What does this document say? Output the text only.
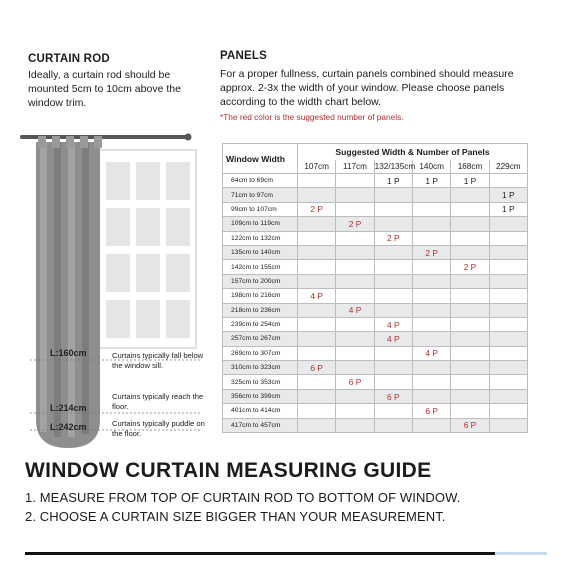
CURTAIN ROD
Ideally, a curtain rod should be mounted 5cm to 10cm above the window trim.
PANELS
For a proper fullness, curtain panels combined should measure approx. 2-3x the width of your window. Please choose panels according to the width chart below.
*The red color is the suggested number of panels.
L:160cm	Curtains typically fall below the window sill.
L:214cm
Curtains typically reach the floor.
L:242cm	Curtains typically puddle on the floor.
Window Width	Suggested Width & Number of Panels					
	107cm	117cm	132/135cm	140cm	168cm	229cm
64cm to 69cm			1 P	1 P	1 P	
71cm to 97cm						1 P
99cm to 107cm	2 P					1 P
109cm to 119cm		2 P				
122cm to 132cm			2 P			
135cm to 140cm				2 P		
142cm to 155cm					2 P	
157cm to 200cm						
198cm to 216cm	4 P					
218cm to 236cm		4 P				
239cm to 254cm			4 P			
257cm to 267cm			4 P			
269cm to 307cm				4 P		
310cm to 323cm	6 P					
325cm to 353cm		6 P				
356cm to 399cm			6 P			
401cm to 414cm				6 P		
417cm to 457cm					6 P	
WINDOW CURTAIN MEASURING GUIDE
1. MEASURE FROM TOP OF CURTAIN ROD TO BOTTOM OF WINDOW.
2. CHOOSE A CURTAIN SIZE BIGGER THAN YOUR MEASUREMENT.
